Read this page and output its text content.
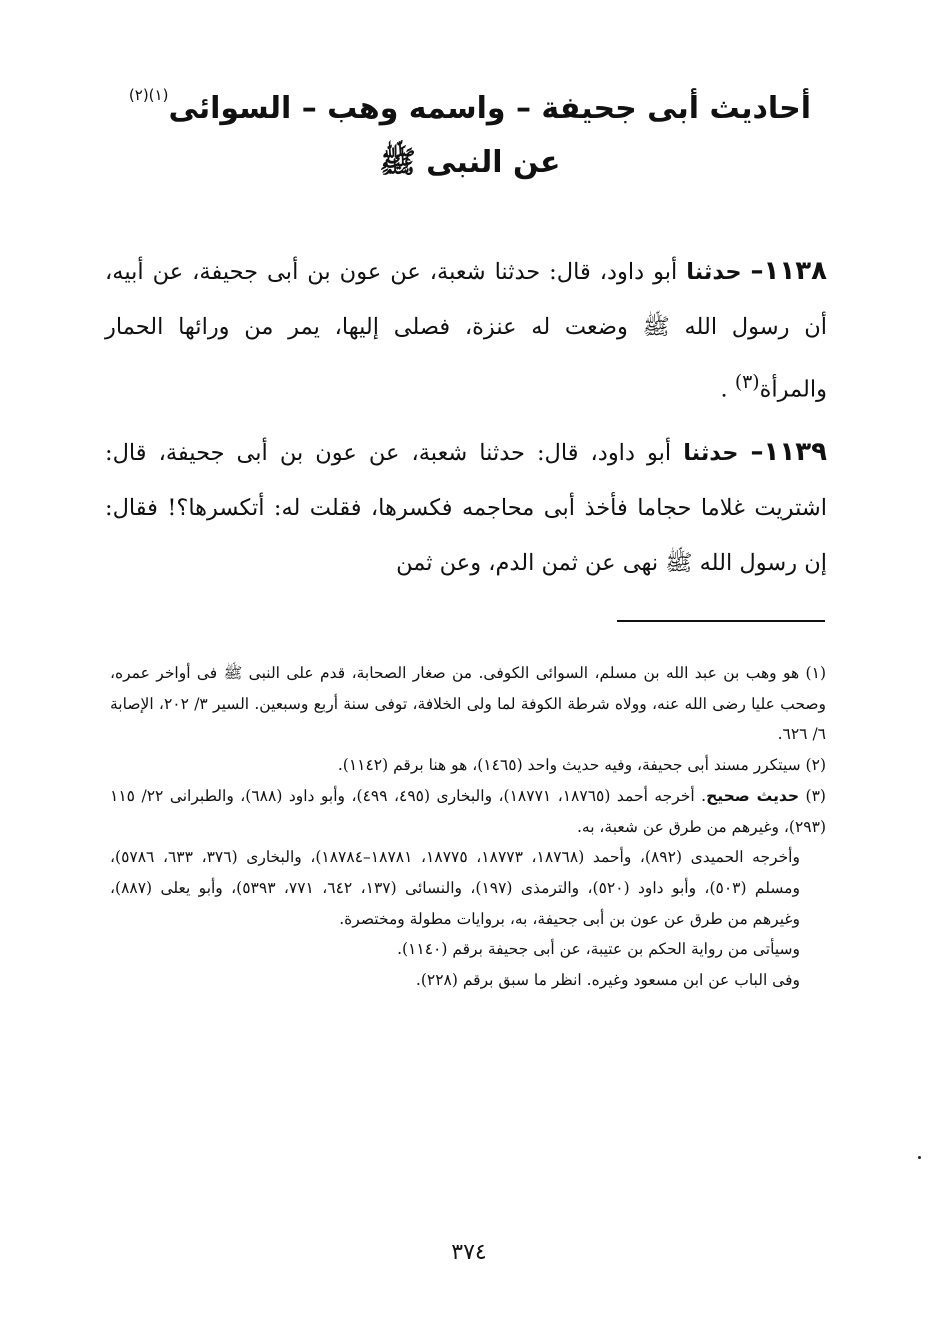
أحاديث أبى جحيفة – واسمه وهب – السوائى$^{(١)(٢)}$
عن النبى ﷺ
١١٣٨– حدثنا أبو داود، قال: حدثنا شعبة، عن عون بن أبى جحيفة، عن أبيه، أن رسول الله ﷺ وضعت له عنزة، فصلى إليها، يمر من ورائها الحمار والمرأة$^{(٣)}$ .
١١٣٩– حدثنا أبو داود، قال: حدثنا شعبة، عن عون بن أبى جحيفة، قال: اشتريت غلاما حجاما فأخذ أبى محاجمه فكسرها، فقلت له: أتكسرها؟! فقال: إن رسول الله ﷺ نهى عن ثمن الدم، وعن ثمن

(١) هو وهب بن عبد الله بن مسلم، السوائى الكوفى. من صغار الصحابة، قدم على النبى ﷺ فى أواخر عمره، وصحب عليا رضى الله عنه، وولاه شرطة الكوفة لما ولى الخلافة، توفى سنة أربع وسبعين. السير ٣/ ٢٠٢، الإصابة ٦/ ٦٢٦.

(٢) سيتكرر مسند أبى جحيفة، وفيه حديث واحد (١٤٦٥)، هو هنا برقم (١١٤٢).

(٣) حديث صحيح. أخرجه أحمد (١٨٧٦٥، ١٨٧٧١)، والبخارى (٤٩٥، ٤٩٩)، وأبو داود (٦٨٨)، والطبرانى ٢٢/ ١١٥ (٢٩٣)، وغيرهم من طرق عن شعبة، به.

وأخرجه الحميدى (٨٩٢)، وأحمد (١٨٧٦٨، ١٨٧٧٣، ١٨٧٧٥، ١٨٧٨١–١٨٧٨٤)، والبخارى (٣٧٦، ٦٣٣، ٥٧٨٦)، ومسلم (٥٠٣)، وأبو داود (٥٢٠)، والترمذى (١٩٧)، والنسائى (١٣٧، ٦٤٢، ٧٧١، ٥٣٩٣)، وأبو يعلى (٨٨٧)، وغيرهم من طرق عن عون بن أبى جحيفة، به، بروايات مطولة ومختصرة.

وسيأتى من رواية الحكم بن عتيبة، عن أبى جحيفة برقم (١١٤٠).

وفى الباب عن ابن مسعود وغيره. انظر ما سبق برقم (٢٢٨).

٣٧٤
